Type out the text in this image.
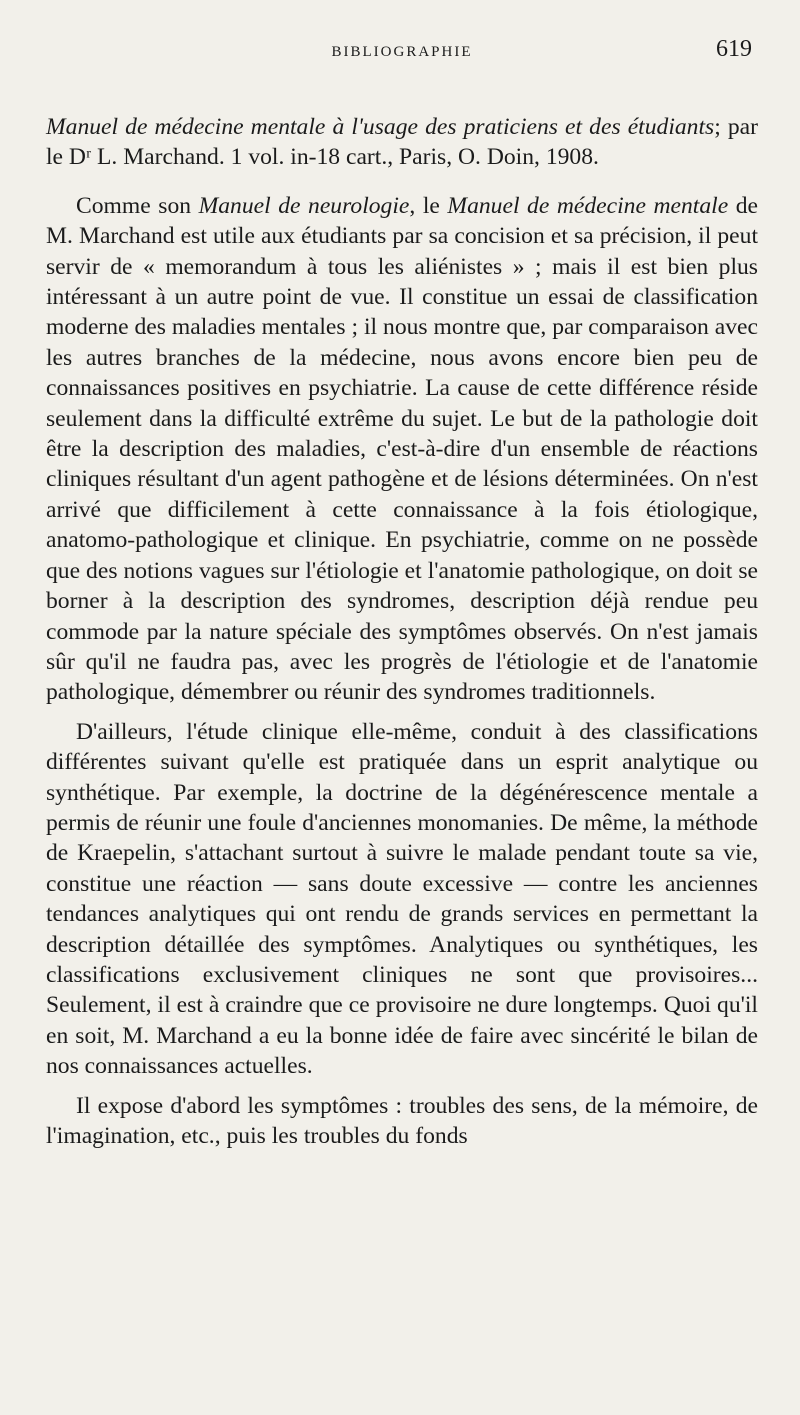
BIBLIOGRAPHIE	619

Manuel de médecine mentale à l'usage des praticiens et des étudiants; par le Dʳ L. Marchand. 1 vol. in-18 cart., Paris, O. Doin, 1908.

Comme son Manuel de neurologie, le Manuel de médecine mentale de M. Marchand est utile aux étudiants par sa concision et sa précision, il peut servir de « memorandum à tous les aliénistes » ; mais il est bien plus intéressant à un autre point de vue. Il constitue un essai de classification moderne des maladies mentales ; il nous montre que, par comparaison avec les autres branches de la médecine, nous avons encore bien peu de connaissances positives en psychiatrie. La cause de cette différence réside seulement dans la difficulté extrême du sujet. Le but de la pathologie doit être la description des maladies, c'est-à-dire d'un ensemble de réactions cliniques résultant d'un agent pathogène et de lésions déterminées. On n'est arrivé que difficilement à cette connaissance à la fois étiologique, anatomo-pathologique et clinique. En psychiatrie, comme on ne possède que des notions vagues sur l'étiologie et l'anatomie pathologique, on doit se borner à la description des syndromes, description déjà rendue peu commode par la nature spéciale des symptômes observés. On n'est jamais sûr qu'il ne faudra pas, avec les progrès de l'étiologie et de l'anatomie pathologique, démembrer ou réunir des syndromes traditionnels.

D'ailleurs, l'étude clinique elle-même, conduit à des classifications différentes suivant qu'elle est pratiquée dans un esprit analytique ou synthétique. Par exemple, la doctrine de la dégénérescence mentale a permis de réunir une foule d'anciennes monomanies. De même, la méthode de Kraepelin, s'attachant surtout à suivre le malade pendant toute sa vie, constitue une réaction — sans doute excessive — contre les anciennes tendances analytiques qui ont rendu de grands services en permettant la description détaillée des symptômes. Analytiques ou synthétiques, les classifications exclusivement cliniques ne sont que provisoires... Seulement, il est à craindre que ce provisoire ne dure longtemps. Quoi qu'il en soit, M. Marchand a eu la bonne idée de faire avec sincérité le bilan de nos connaissances actuelles.

Il expose d'abord les symptômes : troubles des sens, de la mémoire, de l'imagination, etc., puis les troubles du fonds
